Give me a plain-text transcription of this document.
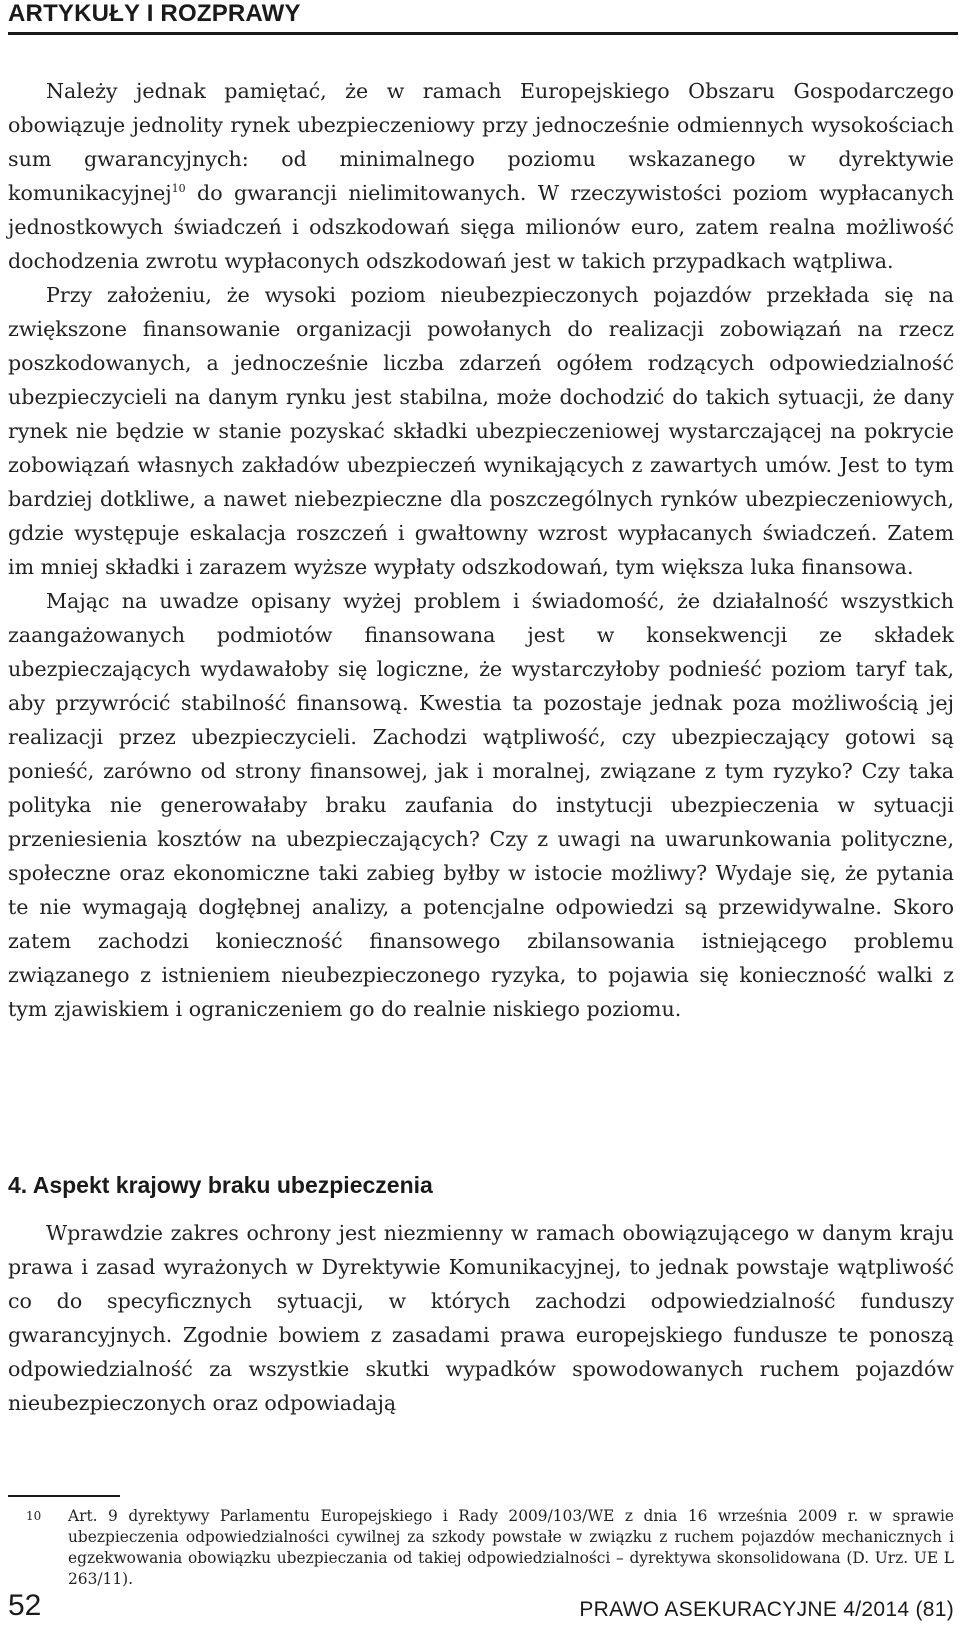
ARTYKUŁY I ROZPRAWY

Należy jednak pamiętać, że w ramach Europejskiego Obszaru Gospodarczego obowiązuje jednolity rynek ubezpieczeniowy przy jednocześnie odmiennych wysokościach sum gwarancyjnych: od minimalnego poziomu wskazanego w dyrektywie komunikacyjnej$^{10}$ do gwarancji nielimitowanych. W rzeczywistości poziom wypłacanych jednostkowych świadczeń i odszkodowań sięga milionów euro, zatem realna możliwość dochodzenia zwrotu wypłaconych odszkodowań jest w takich przypadkach wątpliwa.

Przy założeniu, że wysoki poziom nieubezpieczonych pojazdów przekłada się na zwiększone finansowanie organizacji powołanych do realizacji zobowiązań na rzecz poszkodowanych, a jednocześnie liczba zdarzeń ogółem rodzących odpowiedzialność ubezpieczycieli na danym rynku jest stabilna, może dochodzić do takich sytuacji, że dany rynek nie będzie w stanie pozyskać składki ubezpieczeniowej wystarczającej na pokrycie zobowiązań własnych zakładów ubezpieczeń wynikających z zawartych umów. Jest to tym bardziej dotkliwe, a nawet niebezpieczne dla poszczególnych rynków ubezpieczeniowych, gdzie występuje eskalacja roszczeń i gwałtowny wzrost wypłacanych świadczeń. Zatem im mniej składki i zarazem wyższe wypłaty odszkodowań, tym większa luka finansowa.

Mając na uwadze opisany wyżej problem i świadomość, że działalność wszystkich zaangażowanych podmiotów finansowana jest w konsekwencji ze składek ubezpieczających wydawałoby się logiczne, że wystarczyłoby podnieść poziom taryf tak, aby przywrócić stabilność finansową. Kwestia ta pozostaje jednak poza możliwością jej realizacji przez ubezpieczycieli. Zachodzi wątpliwość, czy ubezpieczający gotowi są ponieść, zarówno od strony finansowej, jak i moralnej, związane z tym ryzyko? Czy taka polityka nie generowałaby braku zaufania do instytucji ubezpieczenia w sytuacji przeniesienia kosztów na ubezpieczających? Czy z uwagi na uwarunkowania polityczne, społeczne oraz ekonomiczne taki zabieg byłby w istocie możliwy? Wydaje się, że pytania te nie wymagają dogłębnej analizy, a potencjalne odpowiedzi są przewidywalne. Skoro zatem zachodzi konieczność finansowego zbilansowania istniejącego problemu związanego z istnieniem nieubezpieczonego ryzyka, to pojawia się konieczność walki z tym zjawiskiem i ograniczeniem go do realnie niskiego poziomu.

4. Aspekt krajowy braku ubezpieczenia

Wprawdzie zakres ochrony jest niezmienny w ramach obowiązującego w danym kraju prawa i zasad wyrażonych w Dyrektywie Komunikacyjnej, to jednak powstaje wątpliwość co do specyficznych sytuacji, w których zachodzi odpowiedzialność funduszy gwarancyjnych. Zgodnie bowiem z zasadami prawa europejskiego fundusze te ponoszą odpowiedzialność za wszystkie skutki wypadków spowodowanych ruchem pojazdów nieubezpieczonych oraz odpowiadają

10 Art. 9 dyrektywy Parlamentu Europejskiego i Rady 2009/103/WE z dnia 16 września 2009 r. w sprawie ubezpieczenia odpowiedzialności cywilnej za szkody powstałe w związku z ruchem pojazdów mechanicznych i egzekwowania obowiązku ubezpieczania od takiej odpowiedzialności – dyrektywa skonsolidowana (D. Urz. UE L 263/11).
52	PRAWO ASEKURACYJNE 4/2014 (81)
